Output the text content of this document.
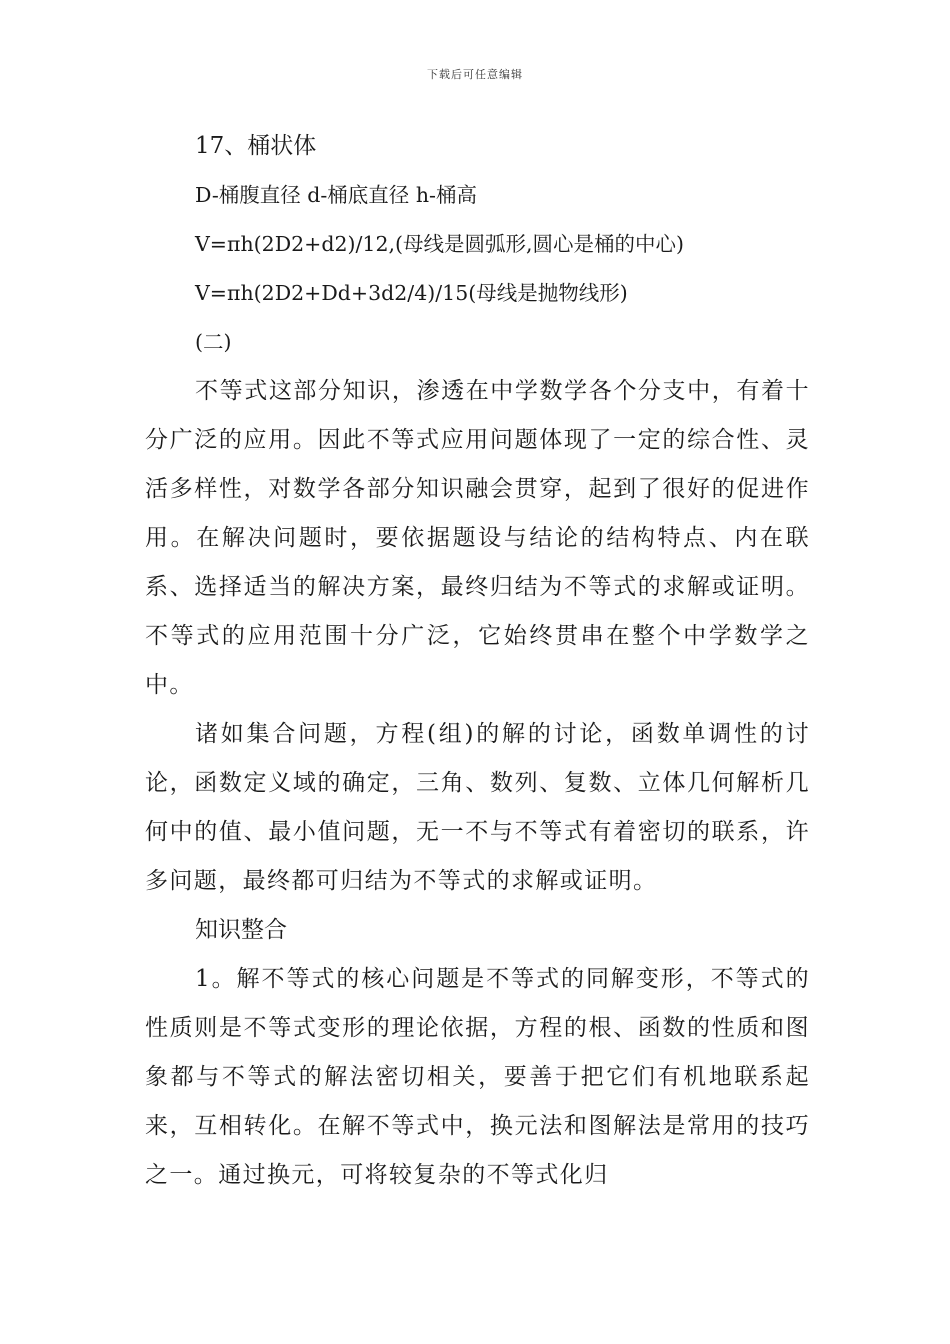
下载后可任意编辑

17、桶状体

D-桶腹直径 d-桶底直径 h-桶高

V=πh(2D2+d2)/12,(母线是圆弧形,圆心是桶的中心)

V=πh(2D2+Dd+3d2/4)/15(母线是抛物线形)

(二)

不等式这部分知识，渗透在中学数学各个分支中，有着十分广泛的应用。因此不等式应用问题体现了一定的综合性、灵活多样性，对数学各部分知识融会贯穿，起到了很好的促进作用。在解决问题时，要依据题设与结论的结构特点、内在联系、选择适当的解决方案，最终归结为不等式的求解或证明。不等式的应用范围十分广泛，它始终贯串在整个中学数学之中。

诸如集合问题，方程(组)的解的讨论，函数单调性的讨论，函数定义域的确定，三角、数列、复数、立体几何解析几何中的值、最小值问题，无一不与不等式有着密切的联系，许多问题，最终都可归结为不等式的求解或证明。

知识整合

1。解不等式的核心问题是不等式的同解变形，不等式的性质则是不等式变形的理论依据，方程的根、函数的性质和图象都与不等式的解法密切相关，要善于把它们有机地联系起来，互相转化。在解不等式中，换元法和图解法是常用的技巧之一。通过换元，可将较复杂的不等式化归
